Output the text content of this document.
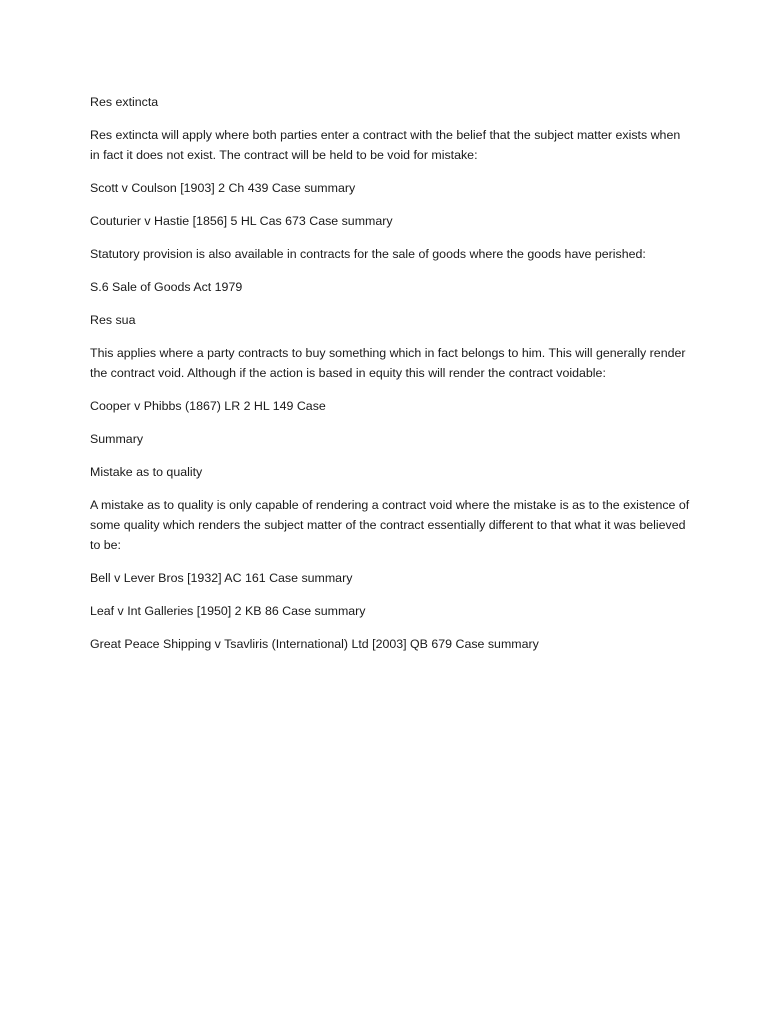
Res extincta

Res extincta will apply where both parties enter a contract with the belief that the subject matter exists when in fact it does not exist. The contract will be held to be void for mistake:

Scott v Coulson [1903] 2 Ch 439 Case summary

Couturier v Hastie [1856] 5 HL Cas 673 Case summary

Statutory provision is also available in contracts for the sale of goods where the goods have perished:

S.6 Sale of Goods Act 1979

Res sua

This applies where a party contracts to buy something which in fact belongs to him. This will generally render the contract void. Although if the action is based in equity this will render the contract voidable:

Cooper v Phibbs (1867) LR 2 HL 149 Case

Summary

Mistake as to quality

A mistake as to quality is only capable of rendering a contract void where the mistake is as to the existence of some quality which renders the subject matter of the contract essentially different to that what it was believed to be:

Bell v Lever Bros [1932] AC 161 Case summary

Leaf v Int Galleries [1950] 2 KB 86 Case summary

Great Peace Shipping v Tsavliris (International) Ltd [2003] QB 679 Case summary
